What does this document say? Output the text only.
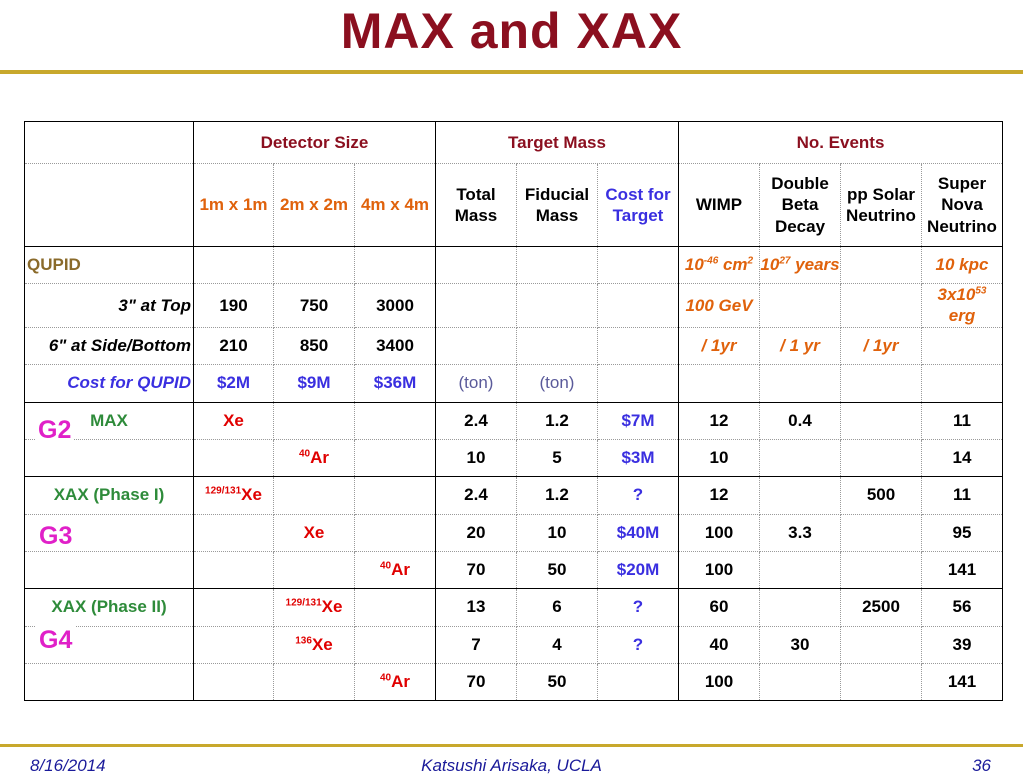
MAX and XAX
	Detector Size			Target Mass			No. Events			
	1m x 1m	2m x 2m	4m x 4m	Total Mass	Fiducial Mass	Cost for Target	WIMP	Double Beta Decay	pp Solar Neutrino	Super Nova Neutrino
QUPID							$10^{-46}$ $cm^2$	$10^{27}$ years		10 kpc
3" at Top	190	750	3000				100 GeV			$3x10^{53}$ erg
6" at Side/Bottom	210	850	3400				/ 1yr	/ 1 yr	/ 1yr	
Cost for QUPID	$2M	$9M	$36M	(ton)	(ton)					
MAX	Xe			2.4	1.2	$7M	12	0.4		11
		$^{40}$Ar		10	5	$3M	10			14
XAX (Phase I)	$^{129/131}$Xe			2.4	1.2	?	12		500	11
		Xe		20	10	$40M	100	3.3		95
			$^{40}$Ar	70	50	$20M	100			141
XAX (Phase II)		$^{129/131}$Xe		13	6	?	60		2500	56
		$^{136}$Xe		7	4	?	40	30		39
			$^{40}$Ar	70	50		100			141
G2
G3
G4
8/16/2014	Katsushi Arisaka, UCLA	36
